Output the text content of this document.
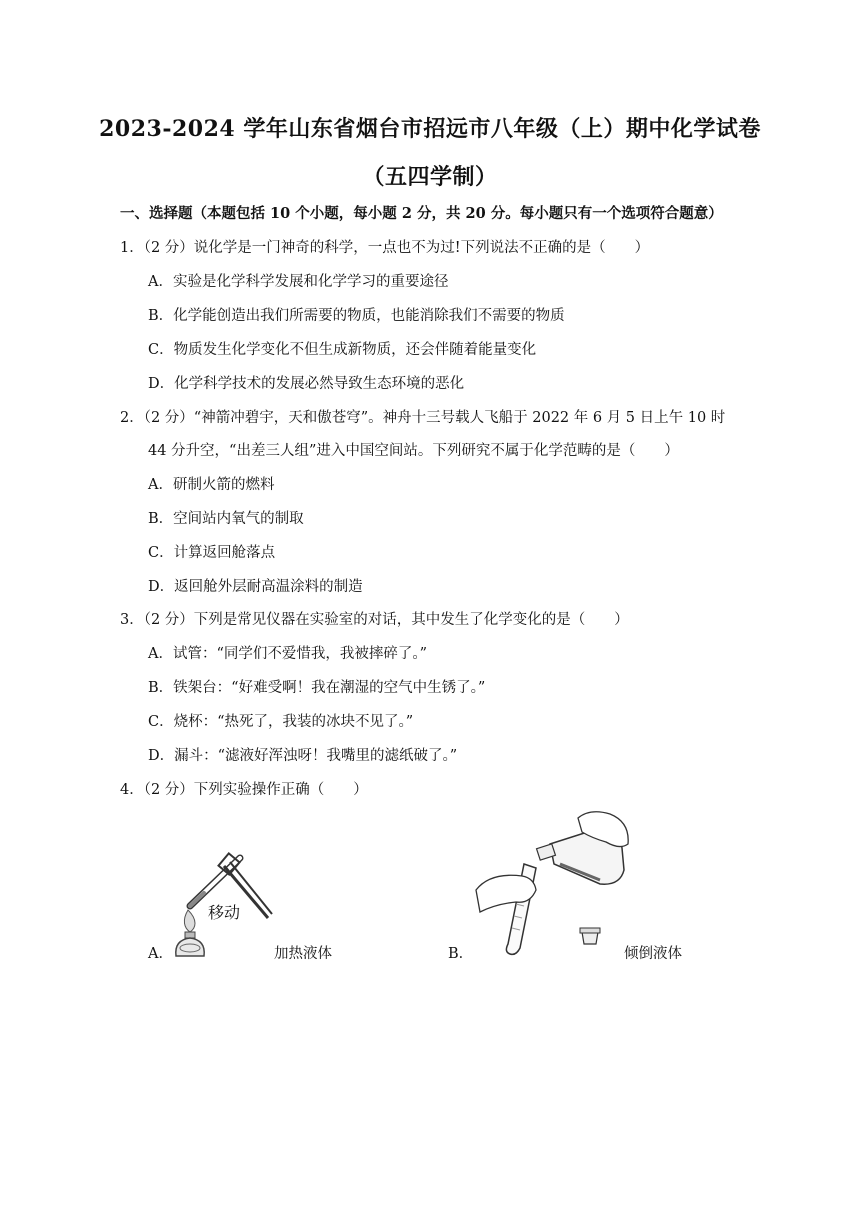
2023-2024 学年山东省烟台市招远市八年级（上）期中化学试卷
（五四学制）
一、选择题（本题包括 10 个小题，每小题 2 分，共 20 分。每小题只有一个选项符合题意）
1．（2 分）说化学是一门神奇的科学，一点也不为过!下列说法不正确的是（　　）
A．实验是化学科学发展和化学学习的重要途径
B．化学能创造出我们所需要的物质，也能消除我们不需要的物质
C．物质发生化学变化不但生成新物质，还会伴随着能量变化
D．化学科学技术的发展必然导致生态环境的恶化
2．（2 分）“神箭冲碧宇，天和傲苍穹”。神舟十三号载人飞船于 2022 年 6 月 5 日上午 10 时
44 分升空，“出差三人组”进入中国空间站。下列研究不属于化学范畴的是（　　）
A．研制火箭的燃料
B．空间站内氧气的制取
C．计算返回舱落点
D．返回舱外层耐高温涂料的制造
3．（2 分）下列是常见仪器在实验室的对话，其中发生了化学变化的是（　　）
A．试管：“同学们不爱惜我，我被摔碎了。”
B．铁架台：“好难受啊！我在潮湿的空气中生锈了。”
C．烧杯：“热死了，我装的冰块不见了。”
D．漏斗：“滤液好浑浊呀！我嘴里的滤纸破了。”
4．（2 分）下列实验操作正确（　　）
A．
移动
加热液体	B．	倾倒液体
